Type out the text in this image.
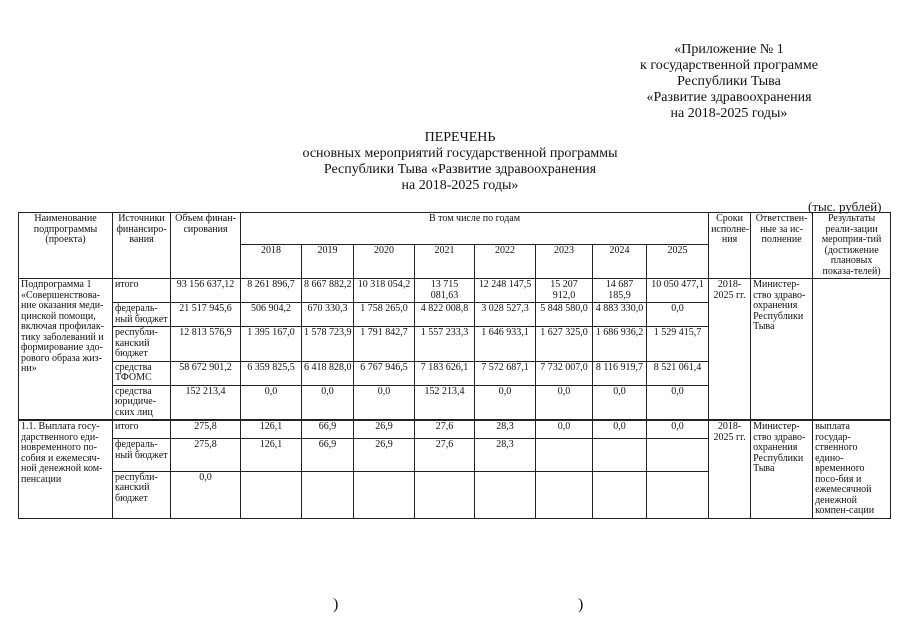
«Приложение № 1
к государственной программе
Республики Тыва
«Развитие здравоохранения
на 2018-2025 годы»
ПЕРЕЧЕНЬ
основных мероприятий государственной программы
Республики Тыва «Развитие здравоохранения
на 2018-2025 годы»
(тыс. рублей)
Наименование подпрограммы (проекта)	Источники финансиро-вания	Объем финан-сирования	В том числе по годам								Сроки исполне-ния	Ответствен-ные за ис-полнение	Результаты реали-зации мероприя-тий (достижение плановых показа-телей)
			2018	2019	2020	2021	2022	2023	2024	2025			
Подпрограмма 1 «Совершенствова-ние оказания меди-цинской помощи, включая профилак-тику заболеваний и формирование здо-рового образа жиз-ни»	итого	93 156 637,12	8 261 896,7	8 667 882,2	10 318 054,2	13 715 081,63	12 248 147,5	15 207 912,0	14 687 185,9	10 050 477,1	2018-2025 гг.	Министер-ство здраво-охранения Республики Тыва	
	федераль-ный бюджет	21 517 945,6	506 904,2	670 330,3	1 758 265,0	4 822 008,8	3 028 527,3	5 848 580,0	4 883 330,0	0,0			
	республи-канский бюджет	12 813 576,9	1 395 167,0	1 578 723,9	1 791 842,7	1 557 233,3	1 646 933,1	1 627 325,0	1 686 936,2	1 529 415,7			
	средства ТФОМС	58 672 901,2	6 359 825,5	6 418 828,0	6 767 946,5	7 183 626,1	7 572 687,1	7 732 007,0	8 116 919,7	8 521 061,4			
	средства юридиче-ских лиц	152 213,4	0,0	0,0	0,0	152 213,4	0,0	0,0	0,0	0,0			
1.1. Выплата госу-дарственного еди-новременного по-собия и ежемесяч-ной денежной ком-пенсации	итого	275,8	126,1	66,9	26,9	27,6	28,3	0,0	0,0	0,0	2018-2025 гг.	Министер-ство здраво-охранения Республики Тыва	выплата государ-ственного едино-временного посо-бия и ежемесячной денежной компен-сации
	федераль-ный бюджет	275,8	126,1	66,9	26,9	27,6	28,3						
	республи-канский бюджет	0,0											
)	)
